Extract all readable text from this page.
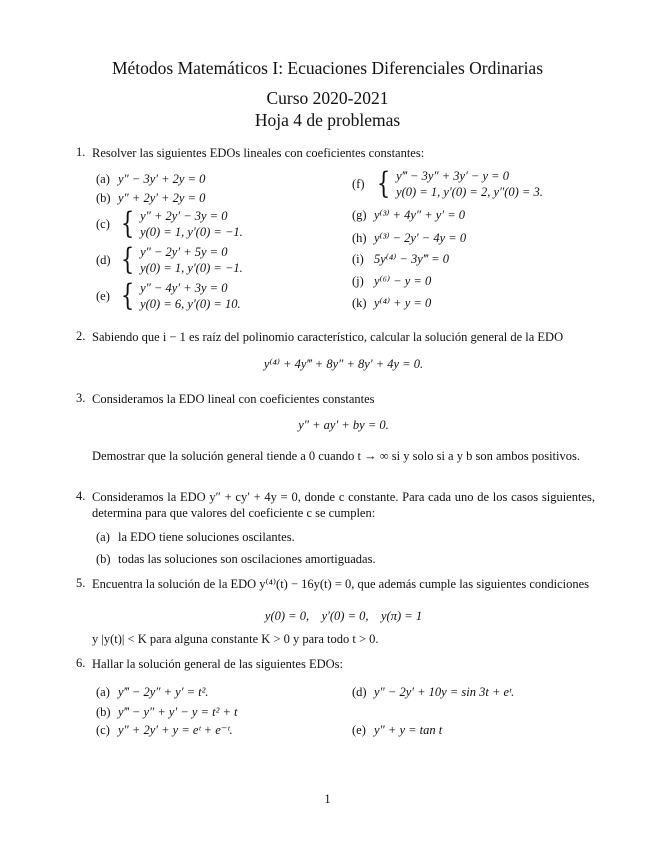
Métodos Matemáticos I: Ecuaciones Diferenciales Ordinarias
Curso 2020-2021
Hoja 4 de problemas
1. Resolver las siguientes EDOs lineales con coeficientes constantes:
(a) y″ − 3y′ + 2y = 0
(b) y″ + 2y′ + 2y = 0
(c) { y″ + 2y′ − 3y = 0
y(0) = 1, y′(0) = −1.
(d) { y″ − 2y′ + 5y = 0
y(0) = 1, y′(0) = −1.
(e) { y″ − 4y′ + 3y = 0
y(0) = 6, y′(0) = 10.
(f) { y‴ − 3y″ + 3y′ − y = 0
y(0) = 1, y′(0) = 2, y″(0) = 3.
(g) y⁽³⁾ + 4y″ + y′ = 0
(h) y⁽³⁾ − 2y′ − 4y = 0
(i) 5y⁽⁴⁾ − 3y‴ = 0
(j) y⁽⁶⁾ − y = 0
(k) y⁽⁴⁾ + y = 0
2. Sabiendo que i − 1 es raíz del polinomio característico, calcular la solución general de la EDO
y⁽⁴⁾ + 4y‴ + 8y″ + 8y′ + 4y = 0.
3. Consideramos la EDO lineal con coeficientes constantes
y″ + ay′ + by = 0.
Demostrar que la solución general tiende a 0 cuando t → ∞ si y solo si a y b son ambos positivos.
4. Consideramos la EDO y″ + cy′ + 4y = 0, donde c constante. Para cada uno de los casos siguientes, determina para que valores del coeficiente c se cumplen:
(a) la EDO tiene soluciones oscilantes.
(b) todas las soluciones son oscilaciones amortiguadas.
5. Encuentra la solución de la EDO y⁽⁴⁾(t) − 16y(t) = 0, que además cumple las siguientes condiciones
y(0) = 0,    y′(0) = 0,    y(π) = 1
y |y(t)| < K para alguna constante K > 0 y para todo t > 0.
6. Hallar la solución general de las siguientes EDOs:
(a) y‴ − 2y″ + y′ = t².
(b) y‴ − y″ + y′ − y = t² + t
(c) y″ + 2y′ + y = eᵗ + e⁻ᵗ.
(d) y″ − 2y′ + 10y = sin 3t + eᵗ.
(e) y″ + y = tan t
1
